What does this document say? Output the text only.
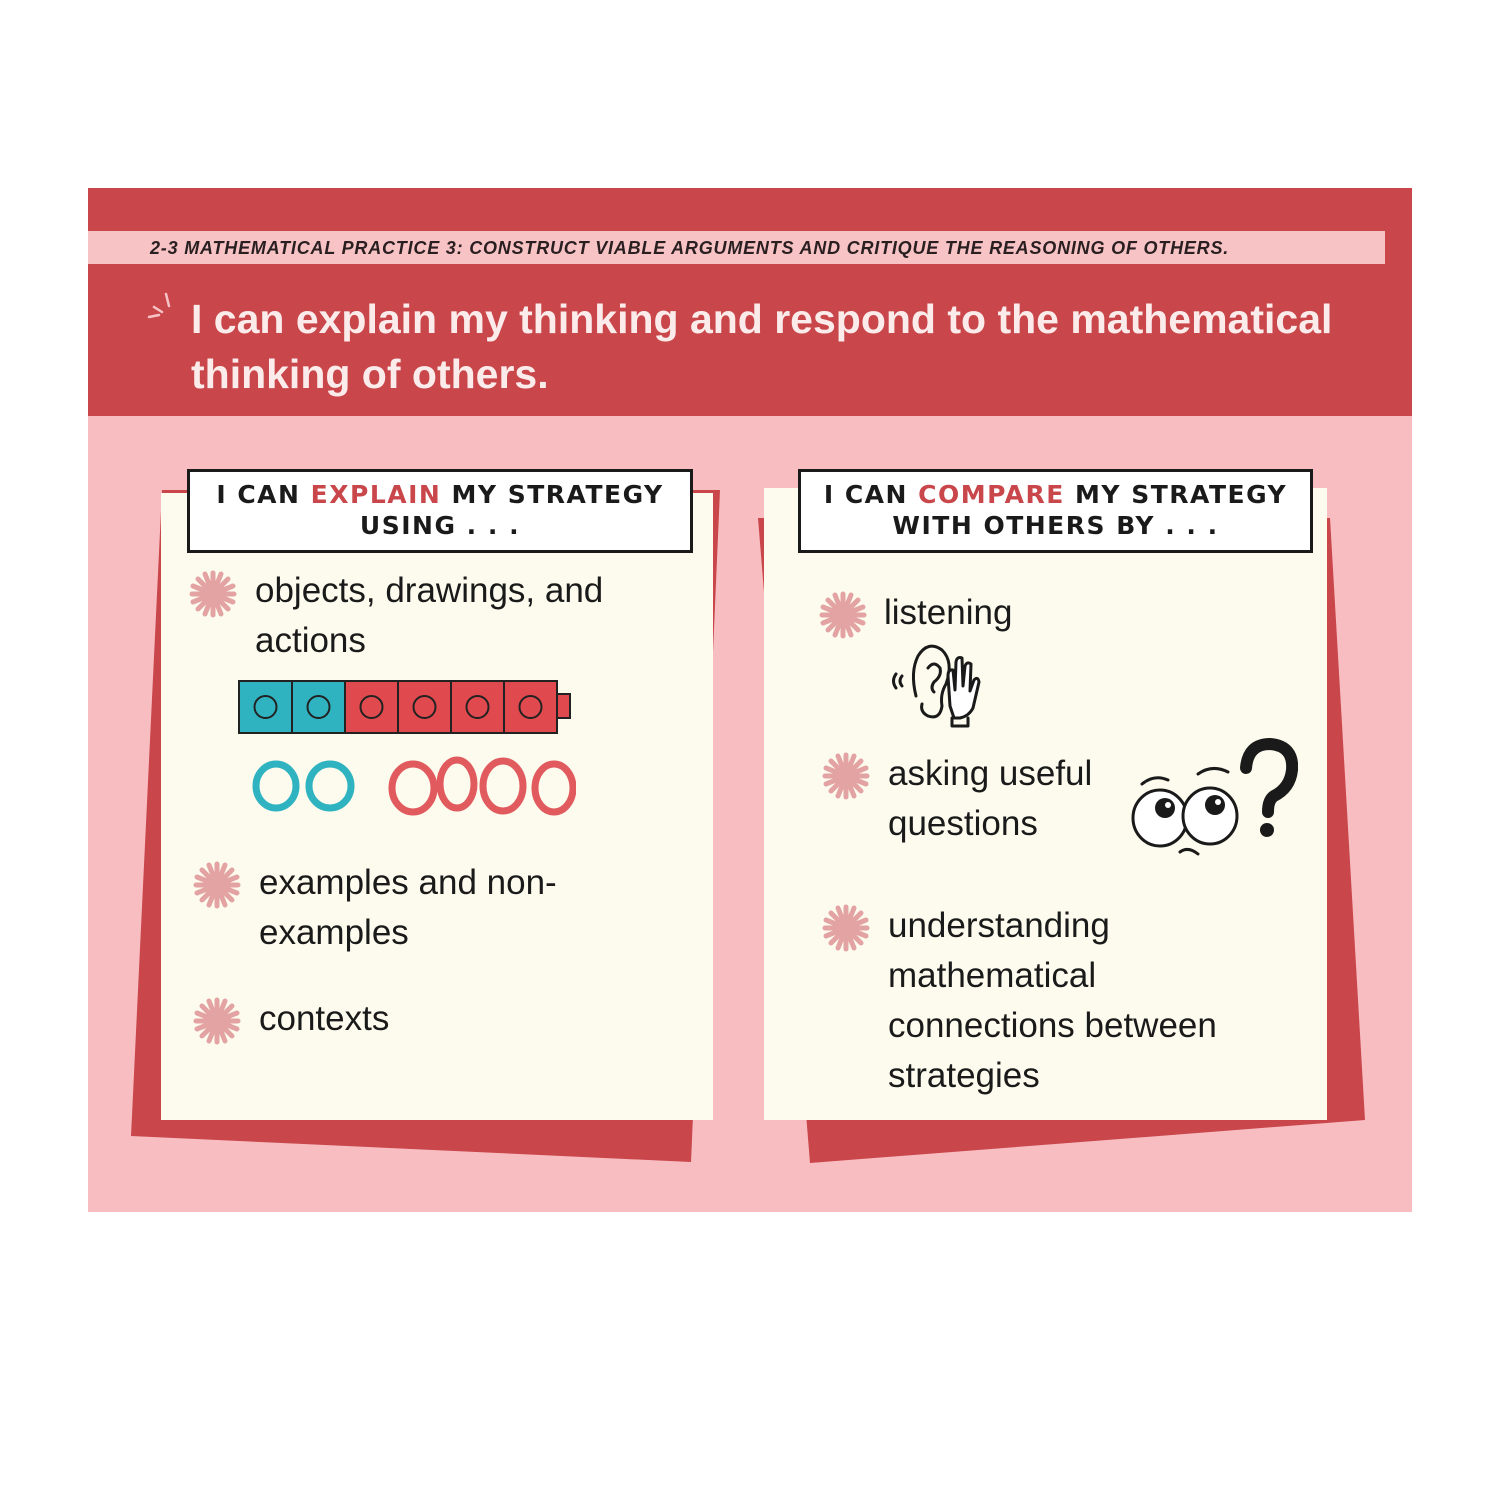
2-3 MATHEMATICAL PRACTICE 3: CONSTRUCT VIABLE ARGUMENTS AND CRITIQUE THE REASONING OF OTHERS.
I can explain my thinking and respond to the mathematical thinking of others.
I CAN EXPLAIN MY STRATEGY USING . . .
objects, drawings, and actions
examples and non-examples
contexts
I CAN COMPARE MY STRATEGY WITH OTHERS BY . . .
listening
asking useful questions
understanding mathematical connections between strategies
